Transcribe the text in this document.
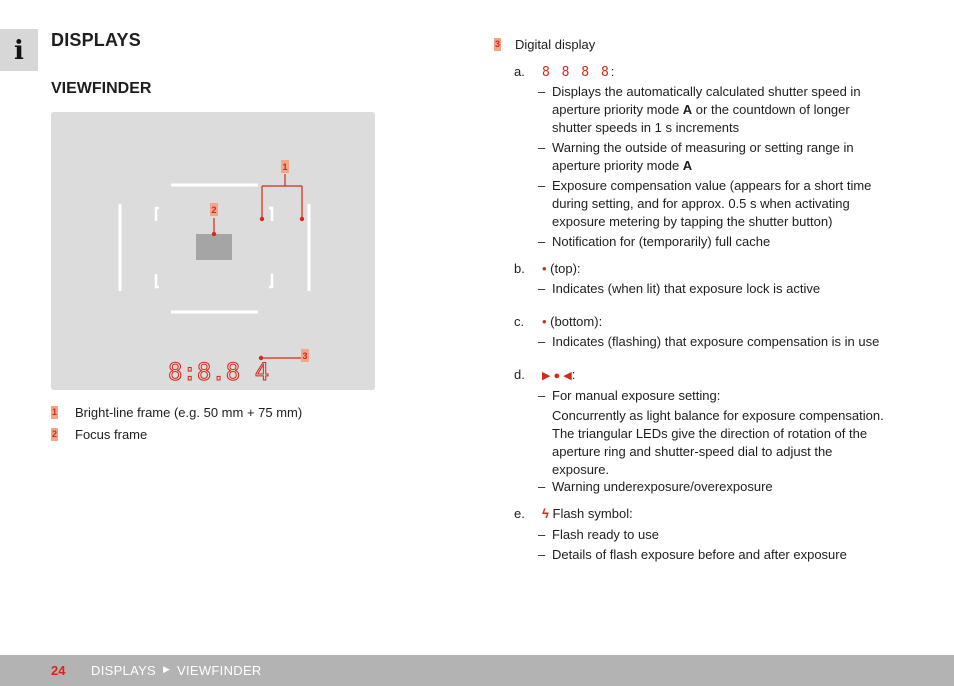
i	DISPLAYS
VIEWFINDER
1
2
3
8:8.8 4
1 Bright-line frame (e.g. 50 mm + 75 mm)
2 Focus frame
3 Digital display
a. 8 8 8 8:
– Displays the automatically calculated shutter speed in
aperture priority mode A or the countdown of longer
shutter speeds in 1 s increments
– Warning the outside of measuring or setting range in
aperture priority mode A
– Exposure compensation value (appears for a short time
during setting, and for approx. 0.5 s when activating
exposure metering by tapping the shutter button)
– Notification for (temporarily) full cache
b. • (top):
– Indicates (when lit) that exposure lock is active
c. • (bottom):
– Indicates (flashing) that exposure compensation is in use
d. ▶ ● ◀:
– For manual exposure setting:
Concurrently as light balance for exposure compensation.
The triangular LEDs give the direction of rotation of the
aperture ring and shutter-speed dial to adjust the
exposure.
– Warning underexposure/overexposure
e. ϟ Flash symbol:
– Flash ready to use
– Details of flash exposure before and after exposure
24 DISPLAYS ▶ VIEWFINDER
